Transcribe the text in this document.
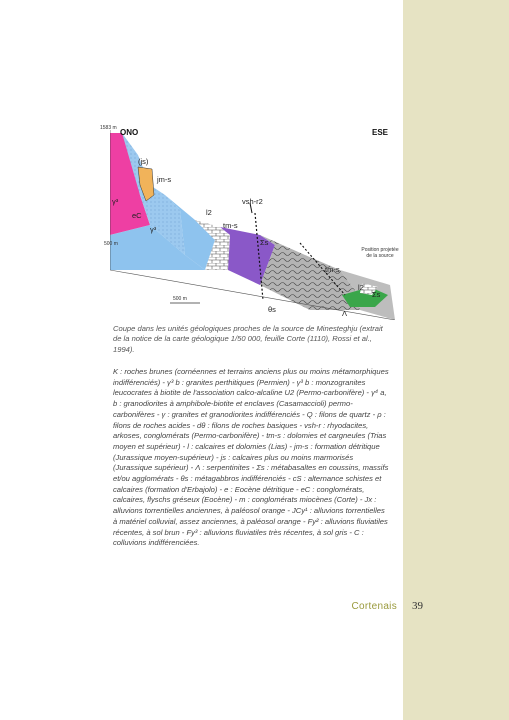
ONO	ESE
1583 m
500 m
500 m
Position projetée de la source
(js)
jm-s
γ³
eC
γ³
l2
tm-s
vsh-r2
Σs
tm-s
l2
Σs
θs	Λ
Coupe dans les unités géologiques proches de la source de Minesteghju (extrait de la notice de la carte géologique 1/50 000, feuille Corte (1110), Rossi et al., 1994).
K : roches brunes (cornéennes et terrains anciens plus ou moins métamorphiques indifférenciés) - γ³ b : granites perthitiques (Permien) - γ³ b : monzogranites leucocrates à biotite de l'association calco-alcaline U2 (Permo-carbonifère) - γ⁴ a, b : granodiorites à amphibole-biotite et enclaves (Casamaccioli) permo-carbonifères - γ : granites et granodiorites indifférenciés - Q : filons de quartz - ρ : filons de roches acides - dθ : filons de roches basiques - vsh-r : rhyodacites, arkoses, conglomérats (Permo-carbonifère) - tm-s : dolomies et cargneules (Trias moyen et supérieur) - l : calcaires et dolomies (Lias) - jm-s : formation détritique (Jurassique moyen-supérieur) - js : calcaires plus ou moins marmorisés (Jurassique supérieur) - Λ : serpentinites - Σs : métabasaltes en coussins, massifs et/ou agglomérats - θs : métagabbros indifférenciés - cS : alternance schistes et calcaires (formation d'Erbajolo) - e : Eocène détritique - eC : conglomérats, calcaires, flyschs gréseux (Eocène) - m : conglomérats miocènes (Corte) - Jx : alluvions torrentielles anciennes, à paléosol orange - JCy¹ : alluvions torrentielles à matériel colluvial, assez anciennes, à paléosol orange - Fy² : alluvions fluviatiles récentes, à sol brun - Fy³ : alluvions fluviatiles très récentes, à sol gris - C : colluvions indifférenciées.
Cortenais 39
